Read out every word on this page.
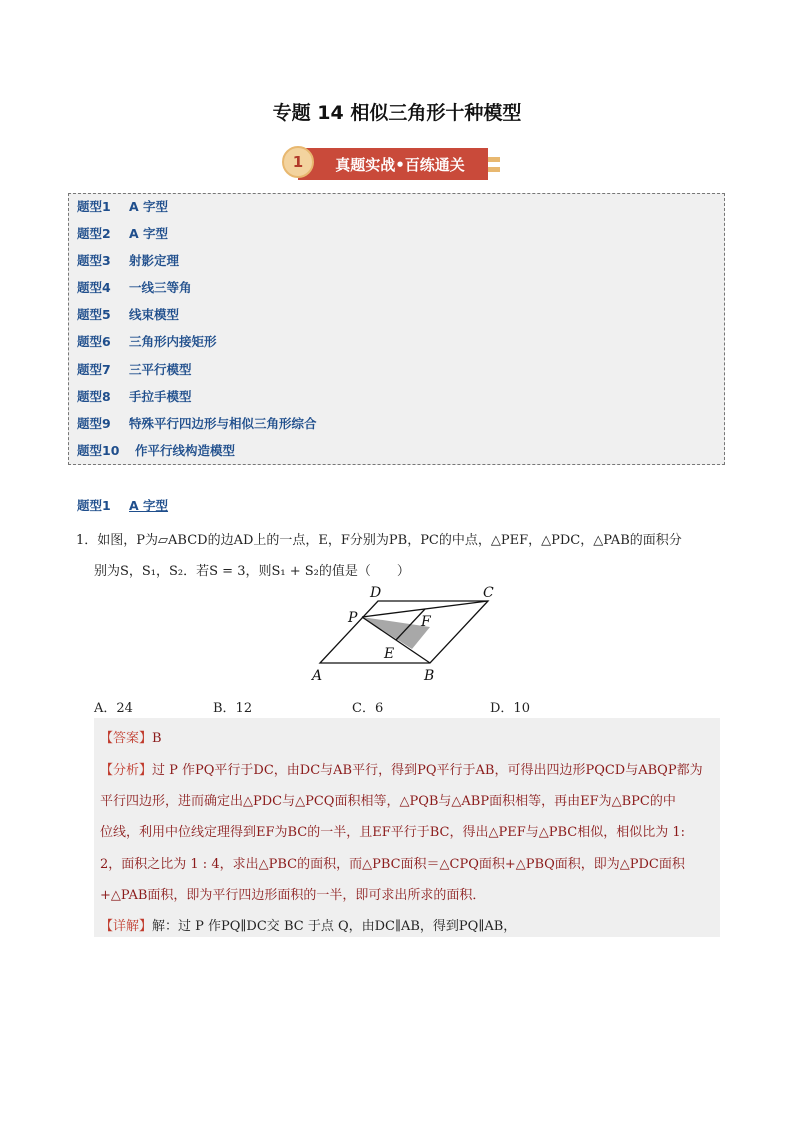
专题 14 相似三角形十种模型
真题实战•百练通关
1
题型1 A 字型
题型2 A 字型
题型3 射影定理
题型4 一线三等角
题型5 线束模型
题型6 三角形内接矩形
题型7 三平行模型
题型8 手拉手模型
题型9 特殊平行四边形与相似三角形综合
题型10 作平行线构造模型
题型1 A 字型
1．如图，P为▱ABCD的边AD上的一点，E，F分别为PB，PC的中点，△PEF，△PDC，△PAB的面积分
别为S，S₁，S₂．若S = 3，则S₁ + S₂的值是（　　）
D	C
P	F
E
A	B
A．24	B．12	C．6	D．10
【答案】B
【分析】过 P 作PQ平行于DC，由DC与AB平行，得到PQ平行于AB，可得出四边形PQCD与ABQP都为
平行四边形，进而确定出△PDC与△PCQ面积相等，△PQB与△ABP面积相等，再由EF为△BPC的中
位线，利用中位线定理得到EF为BC的一半，且EF平行于BC，得出△PEF与△PBC相似，相似比为 1:
2，面积之比为 1 : 4，求出△PBC的面积，而△PBC面积＝△CPQ面积+△PBQ面积，即为△PDC面积
+△PAB面积，即为平行四边形面积的一半，即可求出所求的面积．
【详解】解：过 P 作PQ∥DC交 BC 于点 Q，由DC∥AB，得到PQ∥AB，
